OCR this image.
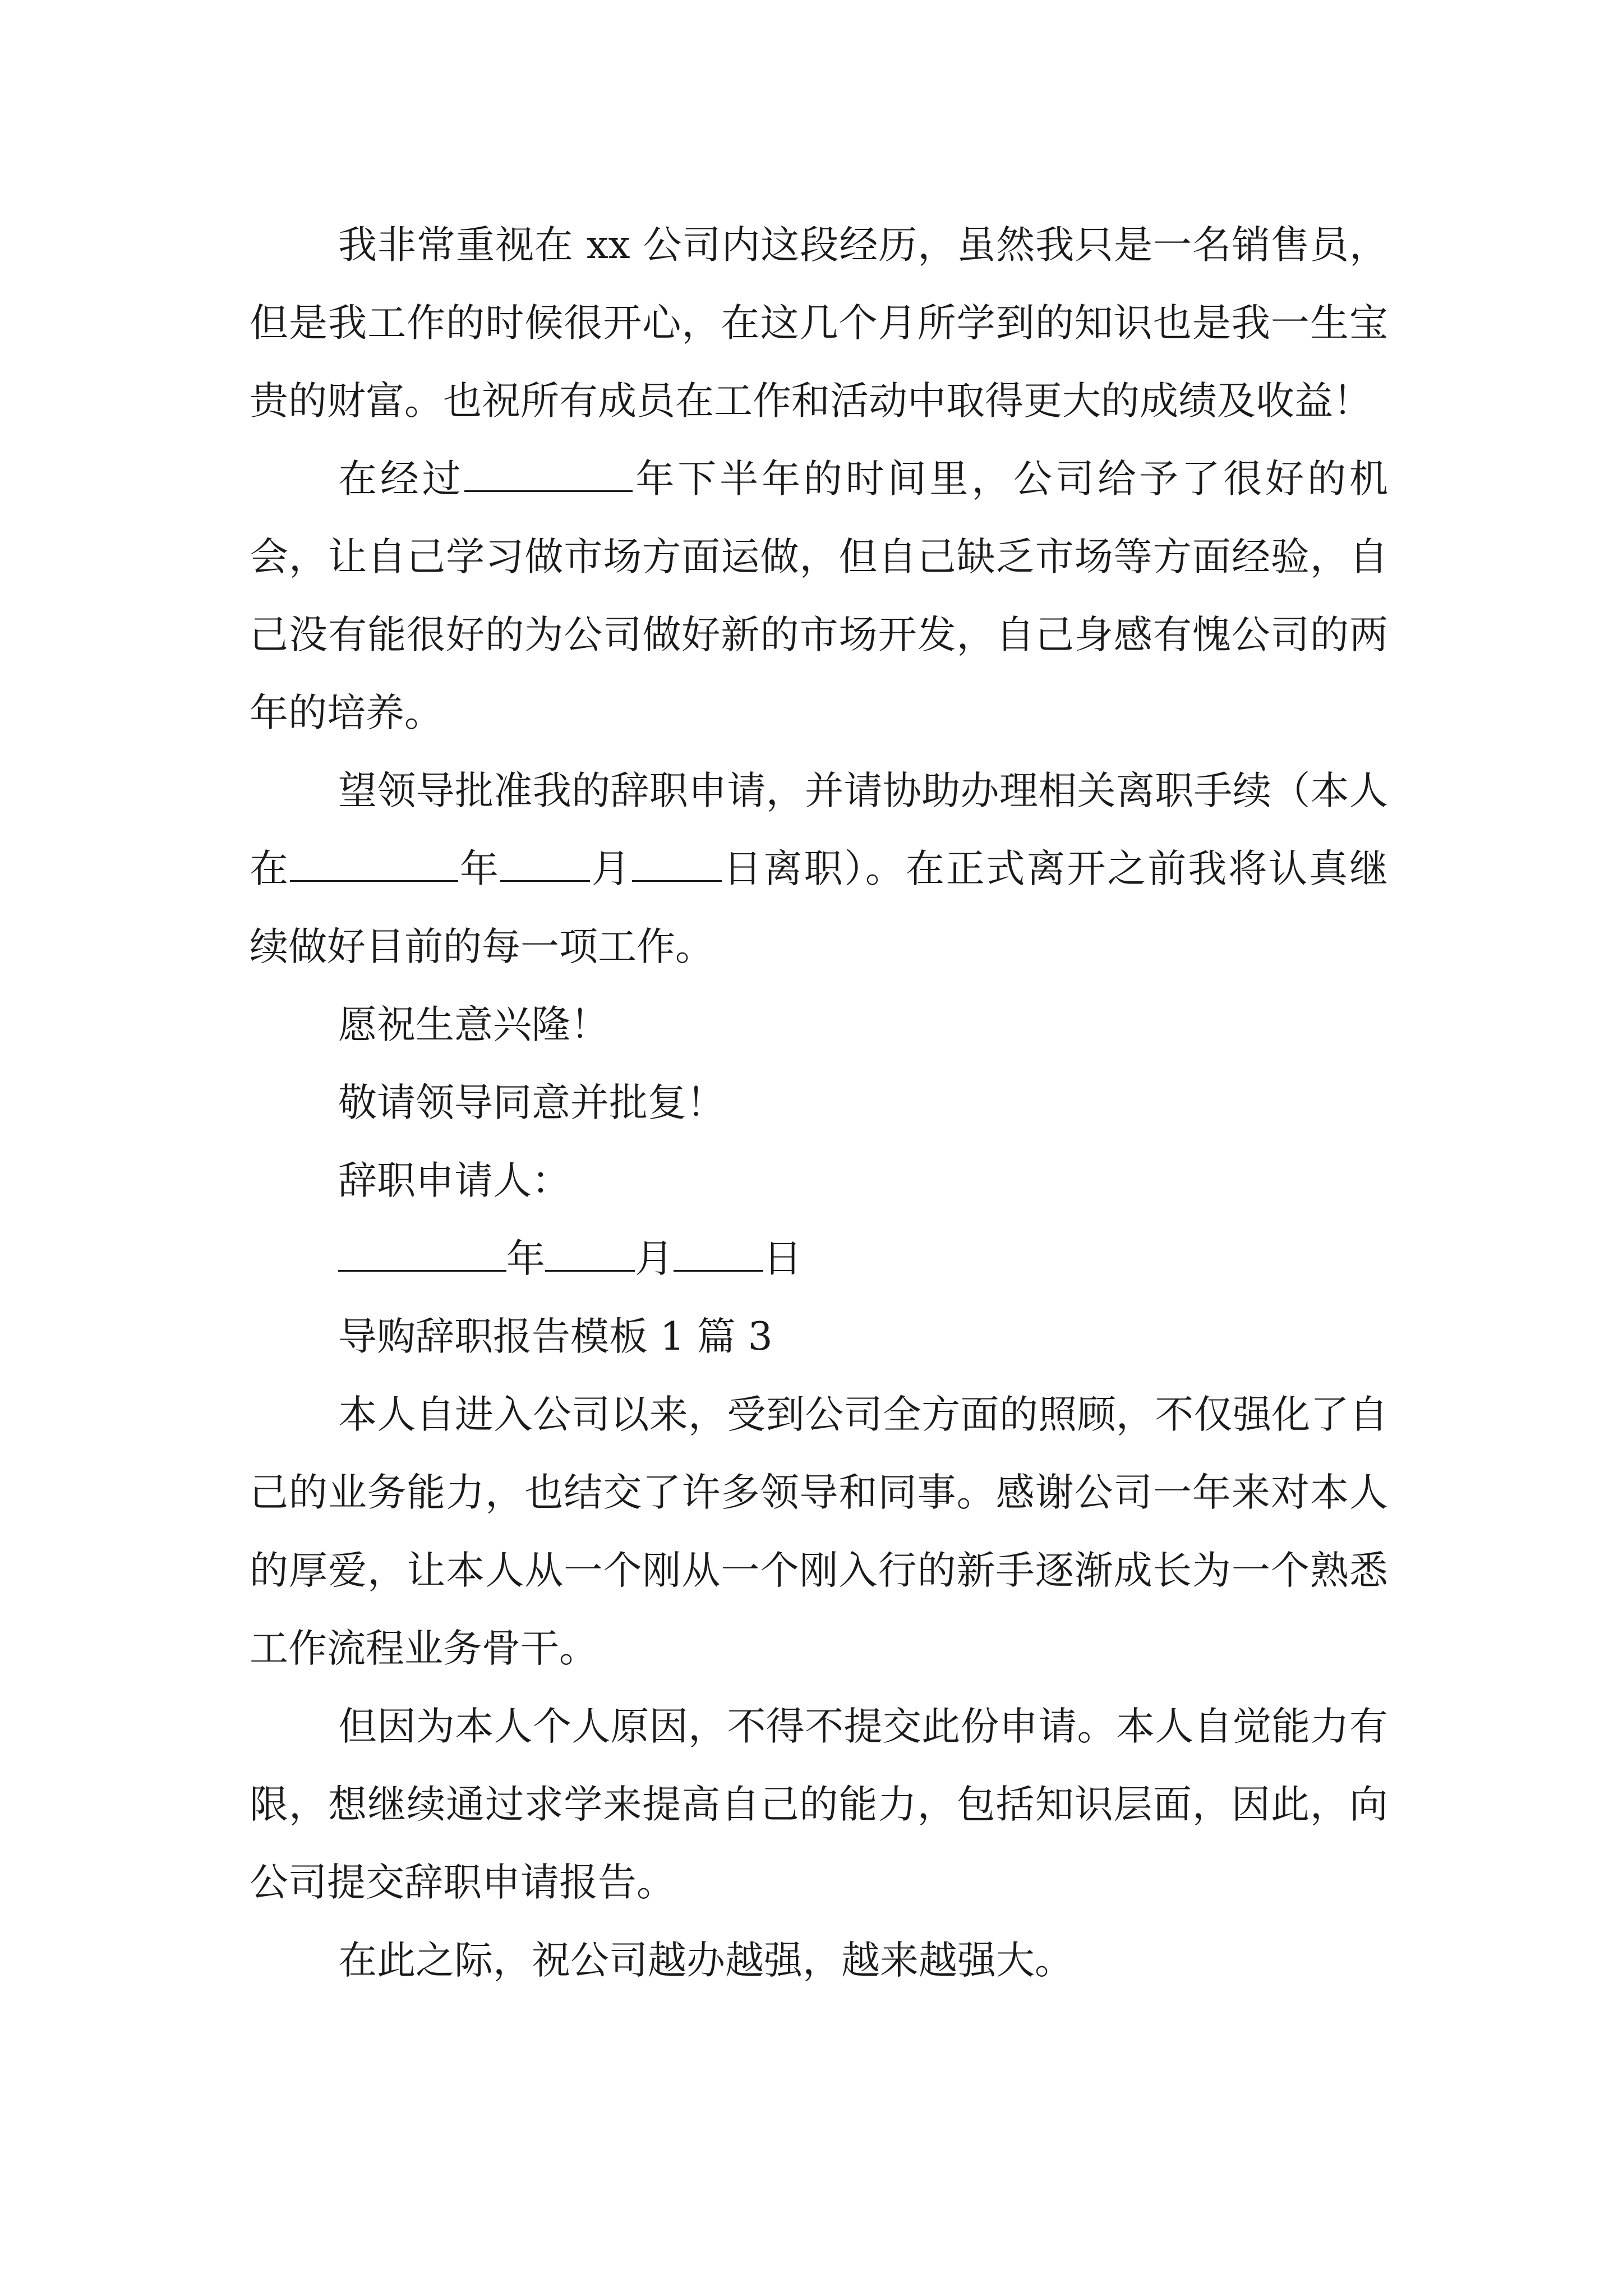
我非常重视在 xx 公司内这段经历，虽然我只是一名销售员，但是我工作的时候很开心，在这几个月所学到的知识也是我一生宝贵的财富。也祝所有成员在工作和活动中取得更大的成绩及收益！

在经过	年下半年的时间里，公司给予了很好的机会，让自己学习做市场方面运做，但自己缺乏市场等方面经验，自己没有能很好的为公司做好新的市场开发，自己身感有愧公司的两年的培养。

望领导批准我的辞职申请，并请协助办理相关离职手续（本人在	年 月 日离职）。在正式离开之前我将认真继续做好目前的每一项工作。

愿祝生意兴隆！

敬请领导同意并批复！

辞职申请人：

年 月 日

导购辞职报告模板 1 篇 3

本人自进入公司以来，受到公司全方面的照顾，不仅强化了自己的业务能力，也结交了许多领导和同事。感谢公司一年来对本人的厚爱，让本人从一个刚从一个刚入行的新手逐渐成长为一个熟悉工作流程业务骨干。

但因为本人个人原因，不得不提交此份申请。本人自觉能力有限，想继续通过求学来提高自己的能力，包括知识层面，因此，向公司提交辞职申请报告。

在此之际，祝公司越办越强，越来越强大。
